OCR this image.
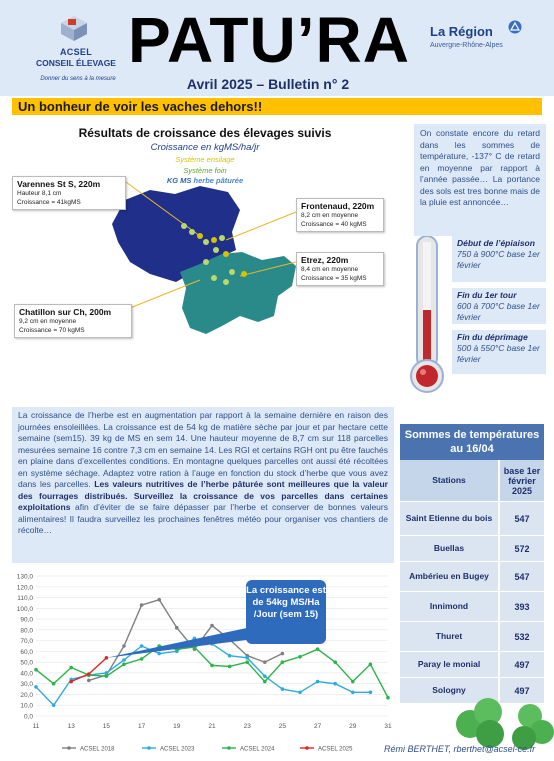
ACSEL
CONSEIL ÉLEVAGE
Donner du sens à la mesure
PATU’RA
Avril 2025 – Bulletin n° 2
La Région
Auvergne-Rhône-Alpes
Un bonheur de voir les vaches dehors!!
Résultats de croissance des élevages suivis
Croissance en kgMS/ha/jr
Système ensilage
Système foin
KG MS herbe pâturée
Varennes St S, 220m
Hauteur 8,1 cm
Croissance = 41kgMS	Frontenaud, 220m
8,2 cm en moyenne
Croissance = 40 kgMS
Etrez, 220m
8,4 cm en moyenne
Croissance = 35 kgMS
Chatillon sur Ch, 200m
9,2 cm en moyenne
Croissance = 70 kgMS
On constate encore du retard dans les sommes de température, -137° C de retard en moyenne par rapport à l’année passée… La portance des sols est tres bonne mais de la pluie est annoncée…
Début de l’épiaison
750 à 900°C base 1er février
Fin du 1er tour
600 à 700°C base 1er février
Fin du déprimage
500 à 550°C base 1er février
La croissance de l’herbe est en augmentation par rapport à la semaine dernière en raison des journées ensoleillées. La croissance est de 54 kg de matière sèche par jour et par hectare cette semaine (sem15). 39 kg de MS en sem 14. Une hauteur moyenne de 8,7 cm sur 118 parcelles mesurées semaine 16 contre 7,3 cm en semaine 14. Les RGI et certains RGH ont pu être fauchés en plaine dans d’excellentes conditions. En montagne quelques parcelles ont aussi été récoltées en système séchage. Adaptez votre ration à l’auge en fonction du stock d’herbe que vous avez dans les parcelles. Les valeurs nutritives de l’herbe pâturée sont meilleures que la valeur des fourrages distribués. Surveillez la croissance de vos parcelles dans certaines exploitations afin d’éviter de se faire dépasser par l’herbe et conserver de bonnes valeurs alimentaires! Il faudra surveillez les prochaines fenêtres météo pour organiser vos chantiers de récolte…
Sommes de températures au 16/04
Stations
base 1er février 2025
Saint Etienne du bois	547
Buellas	572
Ambérieu en Bugey	547
Innimond	393
Thuret	532
Paray le monial	497
Sologny	497
0,0
10,0
20,0
30,0
40,0
50,0
60,0
70,0
80,0
90,0
100,0
110,0
120,0
130,0
11	13	15	17	19	21	23	25	27	29	31
ACSEL 2018	ACSEL 2023	ACSEL 2024	ACSEL 2025
La croissance est de 54kg MS/Ha /Jour (sem 15)
Rémi BERTHET, rberthet@acsel-ce.fr
